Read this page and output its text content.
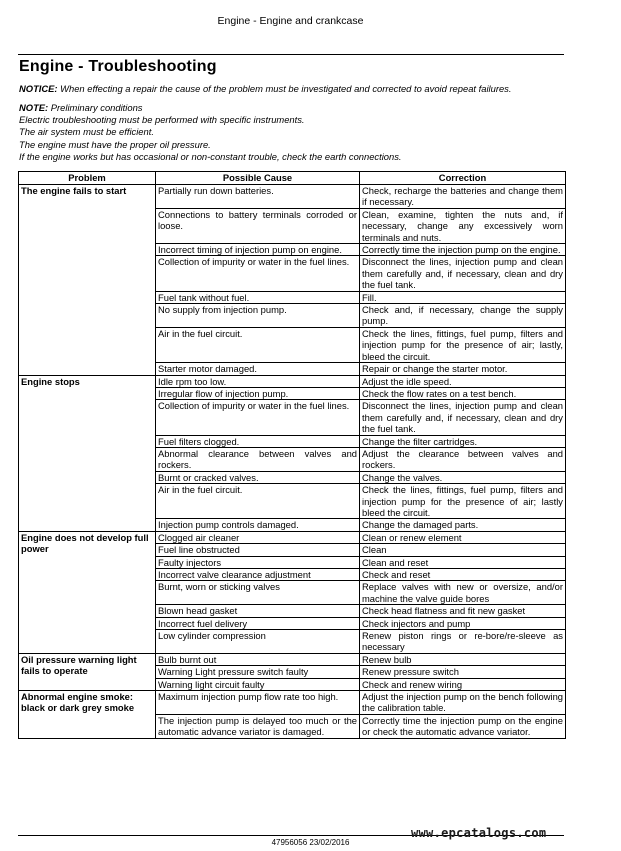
Engine - Engine and crankcase
Engine - Troubleshooting
NOTICE: When effecting a repair the cause of the problem must be investigated and corrected to avoid repeat failures.
NOTE: Preliminary conditions
Electric troubleshooting must be performed with specific instruments.
The air system must be efficient.
The engine must have the proper oil pressure.
If the engine works but has occasional or non-constant trouble, check the earth connections.
Problem	Possible Cause	Correction
The engine fails to start	Partially run down batteries.	Check, recharge the batteries and change them if necessary.
	Connections to battery terminals corroded or loose.	Clean, examine, tighten the nuts and, if necessary, change any excessively worn terminals and nuts.
	Incorrect timing of injection pump on engine.	Correctly time the injection pump on the engine.
	Collection of impurity or water in the fuel lines.	Disconnect the lines, injection pump and clean them carefully and, if necessary, clean and dry the fuel tank.
	Fuel tank without fuel.	Fill.
	No supply from injection pump.	Check and, if necessary, change the supply pump.
	Air in the fuel circuit.	Check the lines, fittings, fuel pump, filters and injection pump for the presence of air; lastly, bleed the circuit.
	Starter motor damaged.	Repair or change the starter motor.
Engine stops	Idle rpm too low.	Adjust the idle speed.
	Irregular flow of injection pump.	Check the flow rates on a test bench.
	Collection of impurity or water in the fuel lines.	Disconnect the lines, injection pump and clean them carefully and, if necessary, clean and dry the fuel tank.
	Fuel filters clogged.	Change the filter cartridges.
	Abnormal clearance between valves and rockers.	Adjust the clearance between valves and rockers.
	Burnt or cracked valves.	Change the valves.
	Air in the fuel circuit.	Check the lines, fittings, fuel pump, filters and injection pump for the presence of air; lastly bleed the circuit.
	Injection pump controls damaged.	Change the damaged parts.
Engine does not develop full power	Clogged air cleaner	Clean or renew element
	Fuel line obstructed	Clean
	Faulty injectors	Clean and reset
	Incorrect valve clearance adjustment	Check and reset
	Burnt, worn or sticking valves	Replace valves with new or oversize, and/or machine the valve guide bores
	Blown head gasket	Check head flatness and fit new gasket
	Incorrect fuel delivery	Check injectors and pump
	Low cylinder compression	Renew piston rings or re-bore/re-sleeve as necessary
Oil pressure warning light fails to operate	Bulb burnt out	Renew bulb
	Warning Light pressure switch faulty	Renew pressure switch
	Warning light circuit faulty	Check and renew wiring
Abnormal engine smoke: black or dark grey smoke	Maximum injection pump flow rate too high.	Adjust the injection pump on the bench following the calibration table.
	The injection pump is delayed too much or the automatic advance variator is damaged.	Correctly time the injection pump on the engine or check the automatic advance variator.
47956056 23/02/2016
www.epcatalogs.com
